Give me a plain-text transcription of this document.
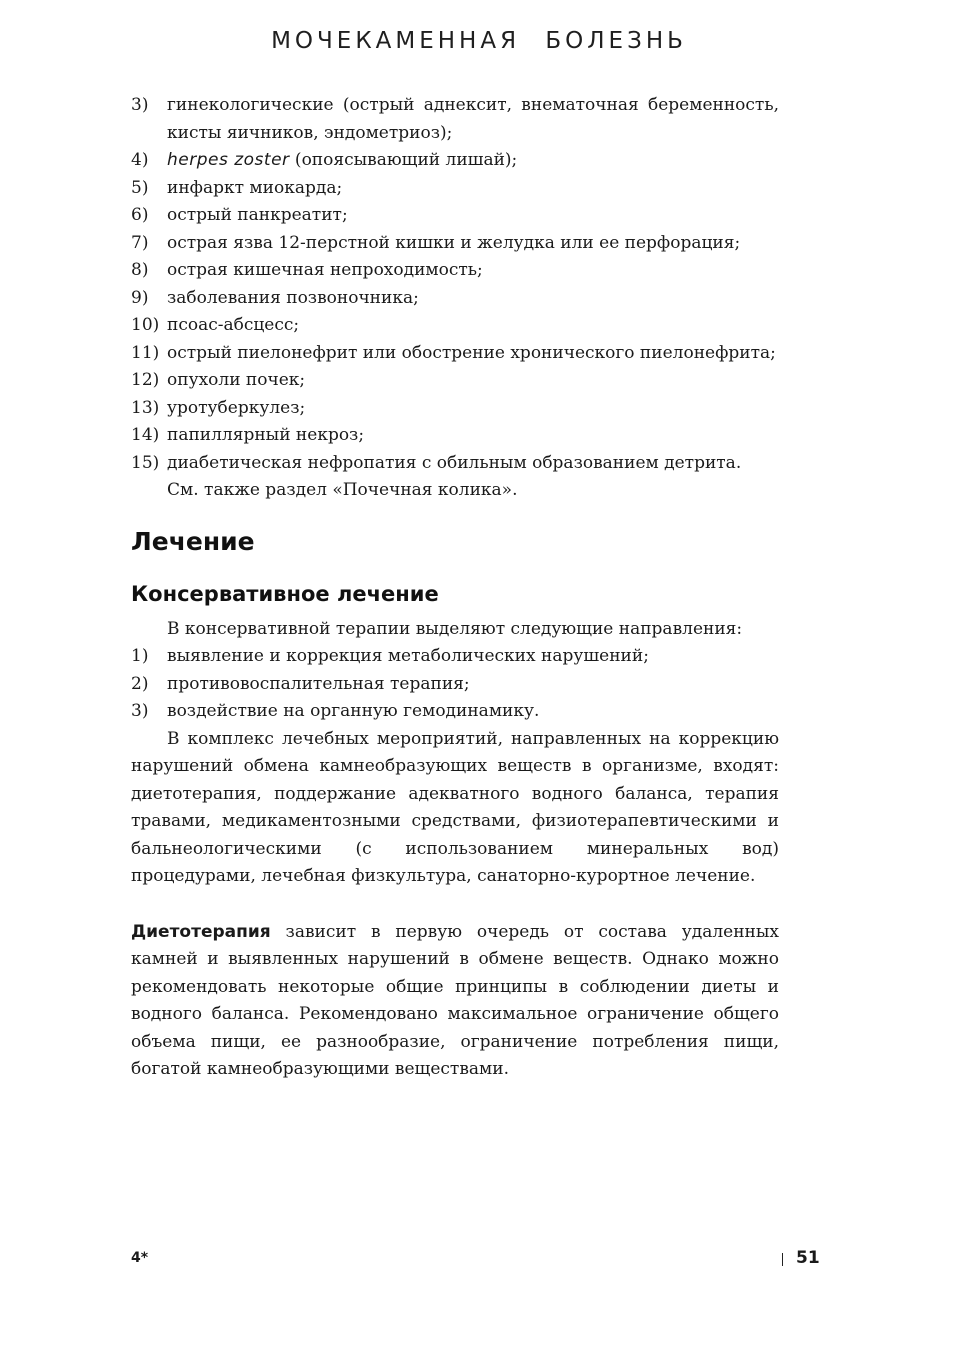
МОЧЕКАМЕННАЯ БОЛЕЗНЬ
3)	гинекологические (острый аднексит, внематочная беременность, кисты яичников, эндометриоз);
4)	herpes zoster (опоясывающий лишай);
5)	инфаркт миокарда;
6)	острый панкреатит;
7)	острая язва 12-перстной кишки и желудка или ее перфорация;
8)	острая кишечная непроходимость;
9)	заболевания позвоночника;
10) псоас-абсцесс;
11) острый пиелонефрит или обострение хронического пиелонефрита;
12) опухоли почек;
13) уротуберкулез;
14) папиллярный некроз;
15) диабетическая нефропатия с обильным образованием детрита.
См. также раздел «Почечная колика».
Лечение
Консервативное лечение

В консервативной терапии выделяют следующие направления:

1)	выявление и коррекция метаболических нарушений;
2)	противовоспалительная терапия;
3)	воздействие на органную гемодинамику.

В комплекс лечебных мероприятий, направленных на коррекцию нарушений обмена камнеобразующих веществ в организме, входят: диетотерапия, поддержание адекватного водного баланса, терапия травами, медикаментозными средствами, физиотерапевтическими и бальнеологическими (с использованием минеральных вод) процедурами, лечебная физкультура, санаторно-курортное лечение.

Диетотерапия зависит в первую очередь от состава удаленных камней и выявленных нарушений в обмене веществ. Однако можно рекомендовать некоторые общие принципы в соблюдении диеты и водного баланса. Рекомендовано максимальное ограничение общего объема пищи, ее разнообразие, ограничение потребления пищи, богатой камнеобразующими веществами.

4*	51
